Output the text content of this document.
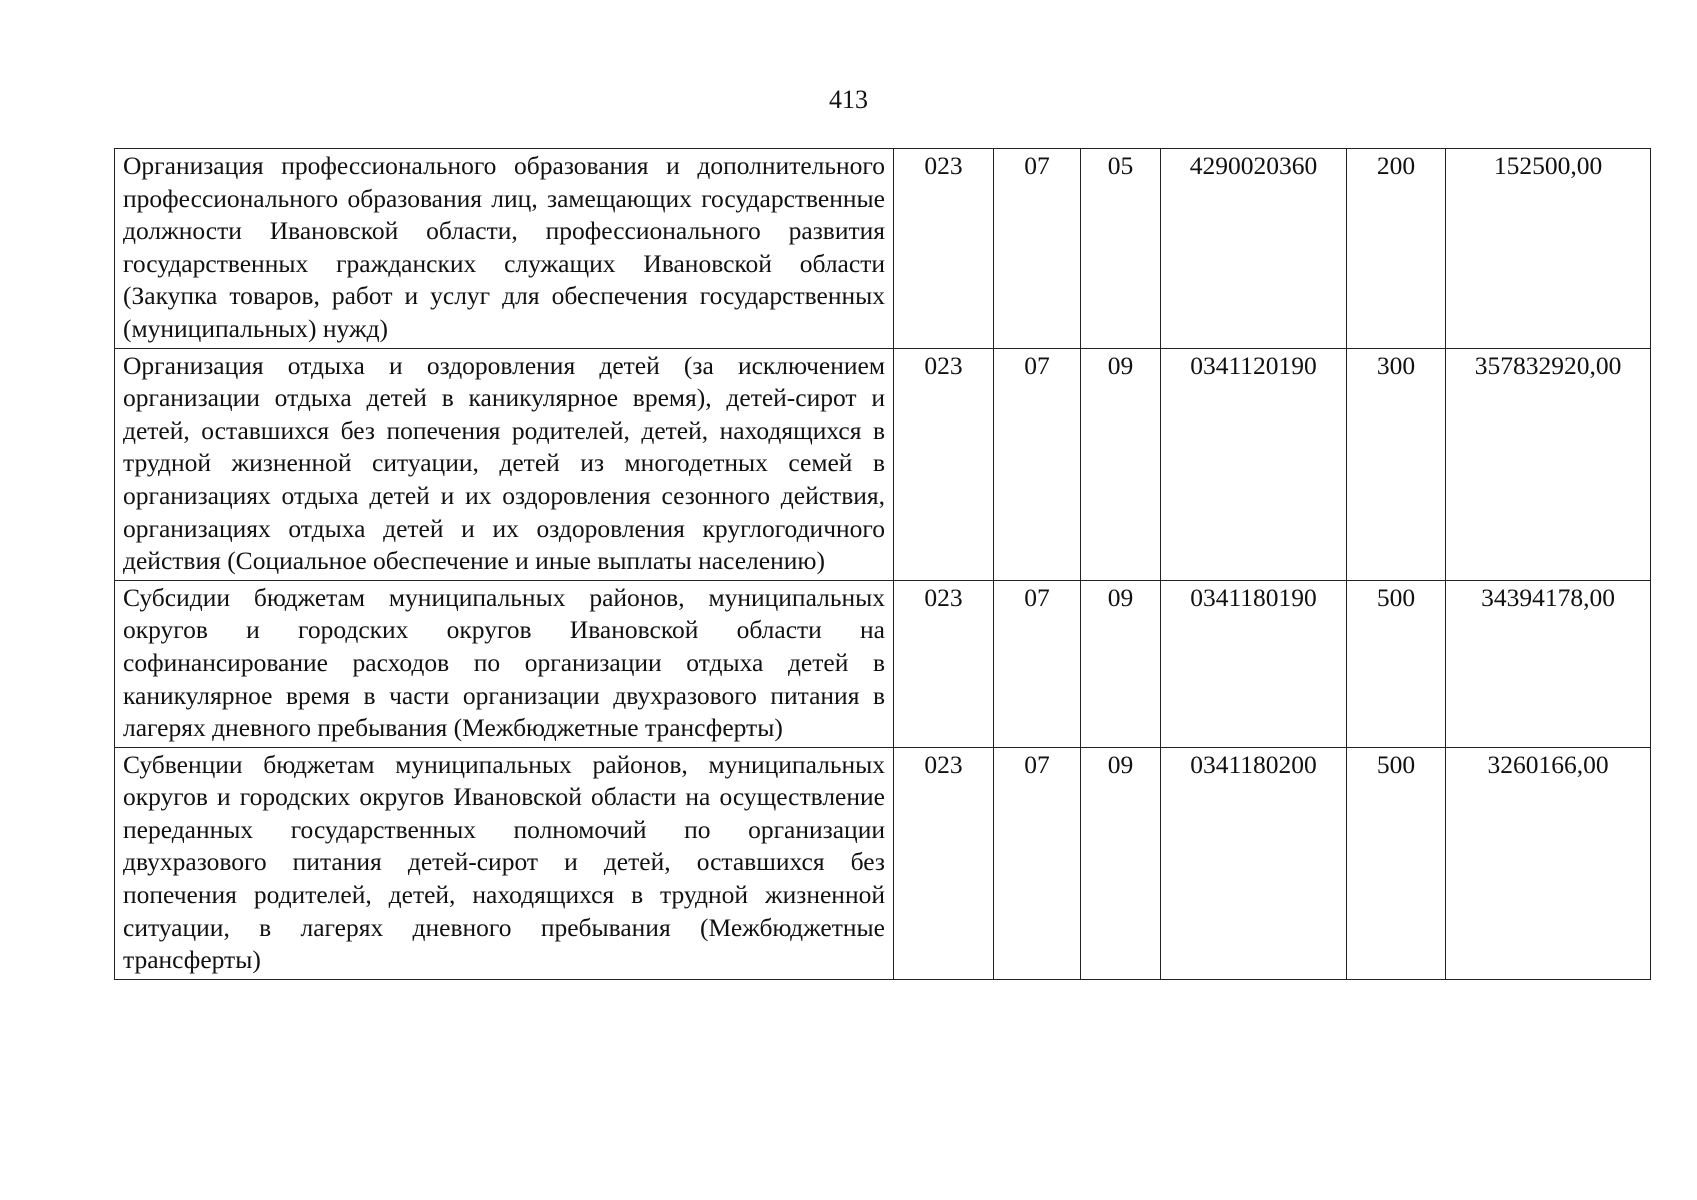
413
Организация профессионального образования и дополнительного профессионального образования лиц, замещающих государственные должности Ивановской области, профессионального развития государственных гражданских служащих Ивановской области (Закупка товаров, работ и услуг для обеспечения государственных (муниципальных) нужд)	023	07	05	4290020360	200	152500,00
Организация отдыха и оздоровления детей (за исключением организации отдыха детей в каникулярное время), детей-сирот и детей, оставшихся без попечения родителей, детей, находящихся в трудной жизненной ситуации, детей из многодетных семей в организациях отдыха детей и их оздоровления сезонного действия, организациях отдыха детей и их оздоровления круглогодичного действия (Социальное обеспечение и иные выплаты населению)	023	07	09	0341120190	300	357832920,00
Субсидии бюджетам муниципальных районов, муниципальных округов и городских округов Ивановской области на софинансирование расходов по организации отдыха детей в каникулярное время в части организации двухразового питания в лагерях дневного пребывания (Межбюджетные трансферты)	023	07	09	0341180190	500	34394178,00
Субвенции бюджетам муниципальных районов, муниципальных округов и городских округов Ивановской области на осуществление переданных государственных полномочий по организации двухразового питания детей-сирот и детей, оставшихся без попечения родителей, детей, находящихся в трудной жизненной ситуации, в лагерях дневного пребывания (Межбюджетные трансферты)	023	07	09	0341180200	500	3260166,00
